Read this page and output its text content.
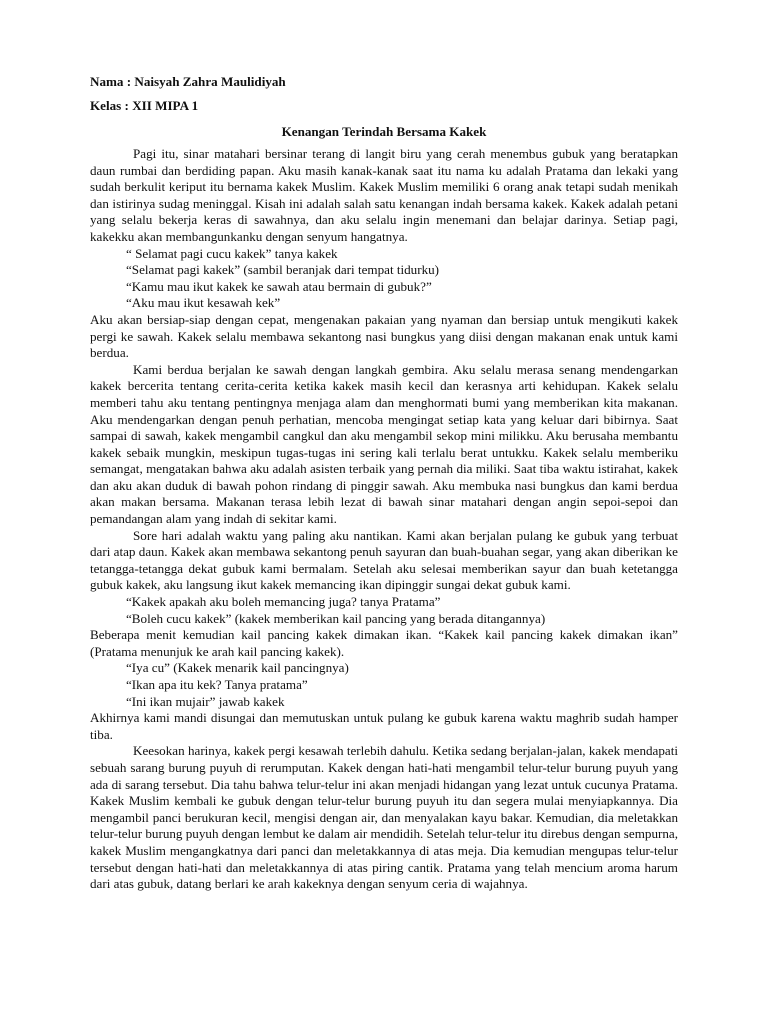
Nama : Naisyah Zahra Maulidiyah
Kelas : XII MIPA 1
Kenangan Terindah Bersama Kakek

Pagi itu, sinar matahari bersinar terang di langit biru yang cerah menembus gubuk yang beratapkan daun rumbai dan berdiding papan. Aku masih kanak-kanak saat itu nama ku adalah Pratama dan lekaki yang sudah berkulit keriput itu bernama kakek Muslim. Kakek Muslim memiliki 6 orang anak tetapi sudah menikah dan istirinya sudag meninggal. Kisah ini adalah salah satu kenangan indah bersama kakek. Kakek adalah petani yang selalu bekerja keras di sawahnya, dan aku selalu ingin menemani dan belajar darinya. Setiap pagi, kakekku akan membangunkanku dengan senyum hangatnya.

“ Selamat pagi cucu kakek” tanya kakek

“Selamat pagi kakek” (sambil beranjak dari tempat tidurku)

“Kamu mau ikut kakek ke sawah atau bermain di gubuk?”

“Aku mau ikut kesawah kek”

Aku akan bersiap-siap dengan cepat, mengenakan pakaian yang nyaman dan bersiap untuk mengikuti kakek pergi ke sawah. Kakek selalu membawa sekantong nasi bungkus yang diisi dengan makanan enak untuk kami berdua.

Kami berdua berjalan ke sawah dengan langkah gembira. Aku selalu merasa senang mendengarkan kakek bercerita tentang cerita-cerita ketika kakek masih kecil dan kerasnya arti kehidupan. Kakek selalu memberi tahu aku tentang pentingnya menjaga alam dan menghormati bumi yang memberikan kita makanan. Aku mendengarkan dengan penuh perhatian, mencoba mengingat setiap kata yang keluar dari bibirnya. Saat sampai di sawah, kakek mengambil cangkul dan aku mengambil sekop mini milikku. Aku berusaha membantu kakek sebaik mungkin, meskipun tugas-tugas ini sering kali terlalu berat untukku. Kakek selalu memberiku semangat, mengatakan bahwa aku adalah asisten terbaik yang pernah dia miliki. Saat tiba waktu istirahat, kakek dan aku akan duduk di bawah pohon rindang di pinggir sawah. Aku membuka nasi bungkus dan kami berdua akan makan bersama. Makanan terasa lebih lezat di bawah sinar matahari dengan angin sepoi-sepoi dan pemandangan alam yang indah di sekitar kami.

Sore hari adalah waktu yang paling aku nantikan. Kami akan berjalan pulang ke gubuk yang terbuat dari atap daun. Kakek akan membawa sekantong penuh sayuran dan buah-buahan segar, yang akan diberikan ke tetangga-tetangga dekat gubuk kami bermalam. Setelah aku selesai memberikan sayur dan buah ketetangga gubuk kakek, aku langsung ikut kakek memancing ikan dipinggir sungai dekat gubuk kami.

“Kakek apakah aku boleh memancing juga? tanya Pratama”

“Boleh cucu kakek” (kakek memberikan kail pancing yang berada ditangannya)

Beberapa menit kemudian kail pancing kakek dimakan ikan. “Kakek kail pancing kakek dimakan ikan” (Pratama menunjuk ke arah kail pancing kakek).

“Iya cu” (Kakek menarik kail pancingnya)

“Ikan apa itu kek? Tanya pratama”

“Ini ikan mujair” jawab kakek

Akhirnya kami mandi disungai dan memutuskan untuk pulang ke gubuk karena waktu maghrib sudah hamper tiba.

Keesokan harinya, kakek pergi kesawah terlebih dahulu. Ketika sedang berjalan-jalan, kakek mendapati sebuah sarang burung puyuh di rerumputan. Kakek dengan hati-hati mengambil telur-telur burung puyuh yang ada di sarang tersebut. Dia tahu bahwa telur-telur ini akan menjadi hidangan yang lezat untuk cucunya Pratama. Kakek Muslim kembali ke gubuk dengan telur-telur burung puyuh itu dan segera mulai menyiapkannya. Dia mengambil panci berukuran kecil, mengisi dengan air, dan menyalakan kayu bakar. Kemudian, dia meletakkan telur-telur burung puyuh dengan lembut ke dalam air mendidih. Setelah telur-telur itu direbus dengan sempurna, kakek Muslim mengangkatnya dari panci dan meletakkannya di atas meja. Dia kemudian mengupas telur-telur tersebut dengan hati-hati dan meletakkannya di atas piring cantik. Pratama yang telah mencium aroma harum dari atas gubuk, datang berlari ke arah kakeknya dengan senyum ceria di wajahnya.
